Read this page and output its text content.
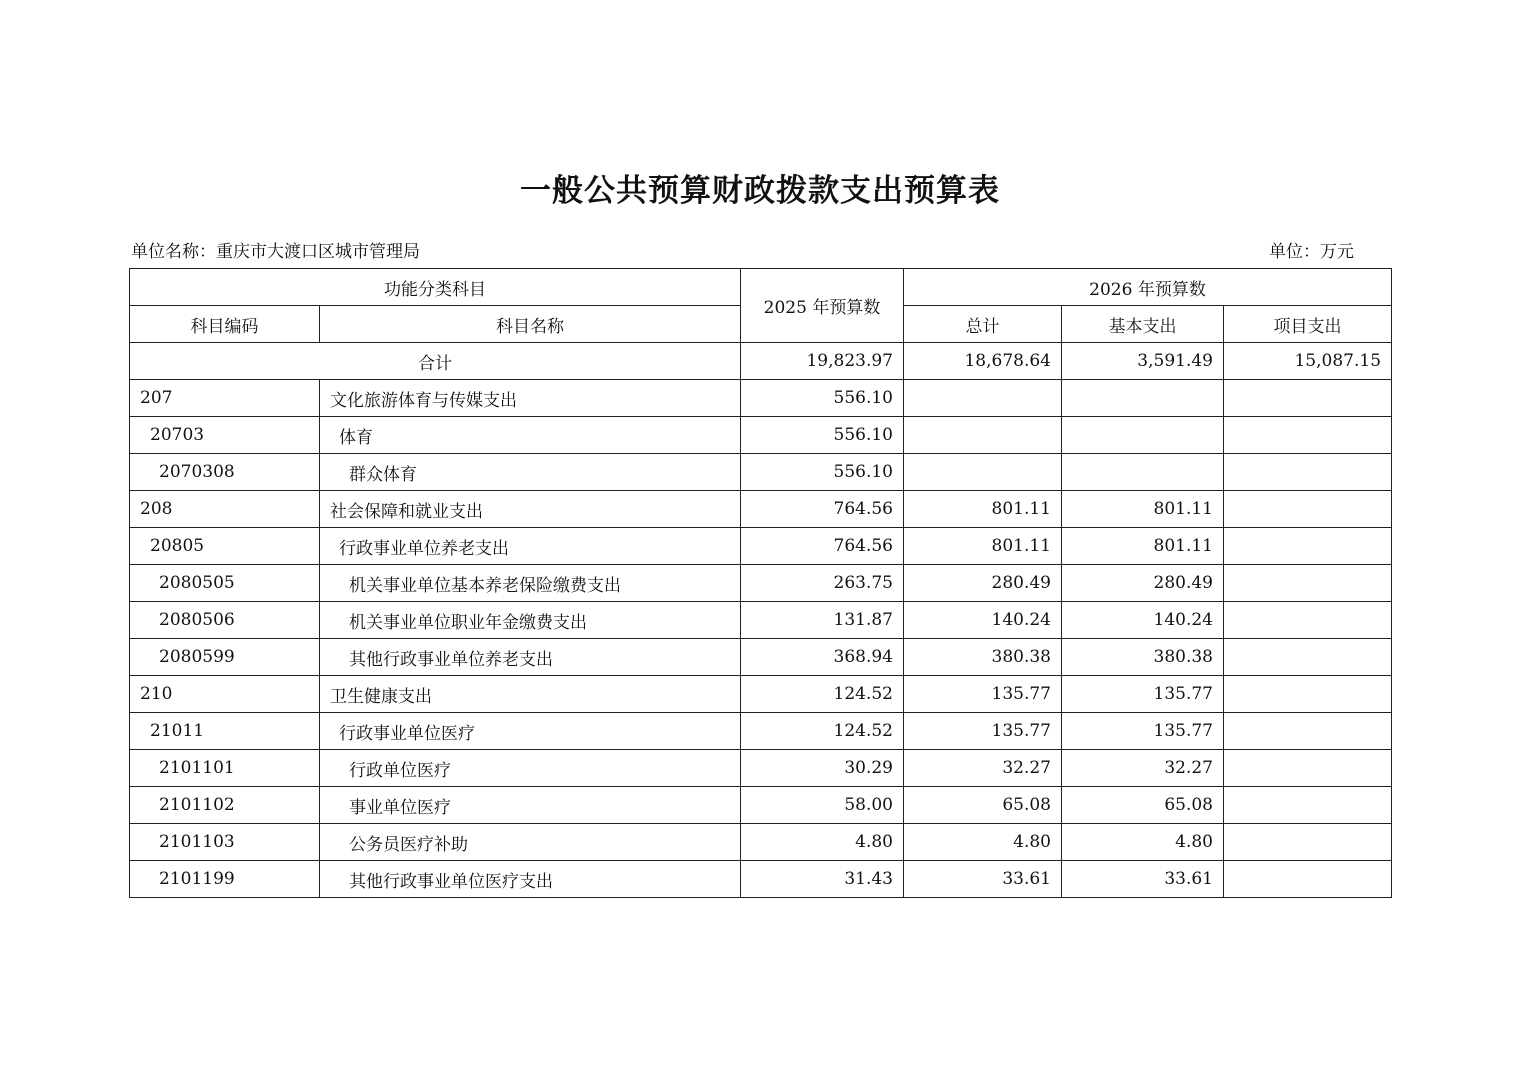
一般公共预算财政拨款支出预算表
单位名称：重庆市大渡口区城市管理局	单位：万元
功能分类科目		2025 年预算数	2026 年预算数		
科目编码	科目名称		总计	基本支出	项目支出
合计		19,823.97	18,678.64	3,591.49	15,087.15
207	文化旅游体育与传媒支出	556.10			
20703	体育	556.10			
2070308	群众体育	556.10			
208	社会保障和就业支出	764.56	801.11	801.11	
20805	行政事业单位养老支出	764.56	801.11	801.11	
2080505	机关事业单位基本养老保险缴费支出	263.75	280.49	280.49	
2080506	机关事业单位职业年金缴费支出	131.87	140.24	140.24	
2080599	其他行政事业单位养老支出	368.94	380.38	380.38	
210	卫生健康支出	124.52	135.77	135.77	
21011	行政事业单位医疗	124.52	135.77	135.77	
2101101	行政单位医疗	30.29	32.27	32.27	
2101102	事业单位医疗	58.00	65.08	65.08	
2101103	公务员医疗补助	4.80	4.80	4.80	
2101199	其他行政事业单位医疗支出	31.43	33.61	33.61	
